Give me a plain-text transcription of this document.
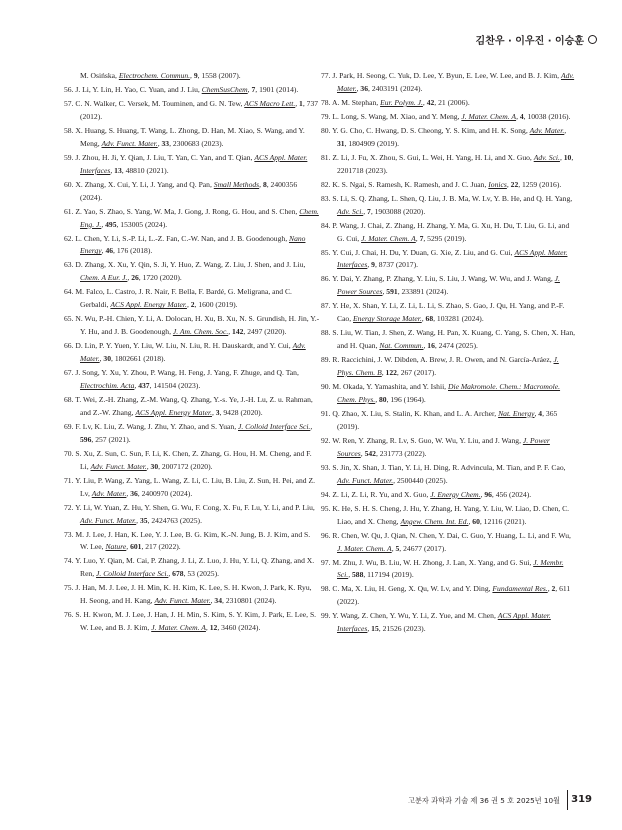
김찬우 · 이우진 · 이승훈
M. Osińska, Electrochem. Commun., 9, 1558 (2007).
56. J. Li, Y. Lin, H. Yao, C. Yuan, and J. Liu, ChemSusChem, 7, 1901 (2014).
57. C. N. Walker, C. Versek, M. Touminen, and G. N. Tew, ACS Macro Lett., 1, 737 (2012).
58. X. Huang, S. Huang, T. Wang, L. Zhong, D. Han, M. Xiao, S. Wang, and Y. Meng, Adv. Funct. Mater., 33, 2300683 (2023).
59. J. Zhou, H. Ji, Y. Qian, J. Liu, T. Yan, C. Yan, and T. Qian, ACS Appl. Mater. Interfaces, 13, 48810 (2021).
60. X. Zhang, X. Cui, Y. Li, J. Yang, and Q. Pan, Small Methods, 8, 2400356 (2024).
61. Z. Yao, S. Zhao, S. Yang, W. Ma, J. Gong, J. Rong, G. Hou, and S. Chen, Chem. Eng. J., 495, 153005 (2024).
62. L. Chen, Y. Li, S.-P. Li, L.-Z. Fan, C.-W. Nan, and J. B. Goodenough, Nano Energy, 46, 176 (2018).
63. D. Zhang, X. Xu, Y. Qin, S. Ji, Y. Huo, Z. Wang, Z. Liu, J. Shen, and J. Liu, Chem. A Eur. J., 26, 1720 (2020).
64. M. Falco, L. Castro, J. R. Nair, F. Bella, F. Bardé, G. Meligrana, and C. Gerbaldi, ACS Appl. Energy Mater., 2, 1600 (2019).
65. N. Wu, P.-H. Chien, Y. Li, A. Dolocan, H. Xu, B. Xu, N. S. Grundish, H. Jin, Y.-Y. Hu, and J. B. Goodenough, J. Am. Chem. Soc., 142, 2497 (2020).
66. D. Lin, P. Y. Yuen, Y. Liu, W. Liu, N. Liu, R. H. Dauskardt, and Y. Cui, Adv. Mater., 30, 1802661 (2018).
67. J. Song, Y. Xu, Y. Zhou, P. Wang, H. Feng, J. Yang, F. Zhuge, and Q. Tan, Electrochim. Acta, 437, 141504 (2023).
68. T. Wei, Z.-H. Zhang, Z.-M. Wang, Q. Zhang, Y.-s. Ye, J.-H. Lu, Z. u. Rahman, and Z.-W. Zhang, ACS Appl. Energy Mater., 3, 9428 (2020).
69. F. Lv, K. Liu, Z. Wang, J. Zhu, Y. Zhao, and S. Yuan, J. Colloid Interface Sci., 596, 257 (2021).
70. S. Xu, Z. Sun, C. Sun, F. Li, K. Chen, Z. Zhang, G. Hou, H. M. Cheng, and F. Li, Adv. Funct. Mater., 30, 2007172 (2020).
71. Y. Liu, P. Wang, Z. Yang, L. Wang, Z. Li, C. Liu, B. Liu, Z. Sun, H. Pei, and Z. Lv, Adv. Mater., 36, 2400970 (2024).
72. Y. Li, W. Yuan, Z. Hu, Y. Shen, G. Wu, F. Cong, X. Fu, F. Lu, Y. Li, and P. Liu, Adv. Funct. Mater., 35, 2424763 (2025).
73. M. J. Lee, J. Han, K. Lee, Y. J. Lee, B. G. Kim, K.-N. Jung, B. J. Kim, and S. W. Lee, Nature, 601, 217 (2022).
74. Y. Luo, Y. Qian, M. Cai, P. Zhang, J. Li, Z. Luo, J. Hu, Y. Li, Q. Zhang, and X. Ren, J. Colloid Interface Sci., 678, 53 (2025).
75. J. Han, M. J. Lee, J. H. Min, K. H. Kim, K. Lee, S. H. Kwon, J. Park, K. Ryu, H. Seong, and H. Kang, Adv. Funct. Mater., 34, 2310801 (2024).
76. S. H. Kwon, M. J. Lee, J. Han, J. H. Min, S. Kim, S. Y. Kim, J. Park, E. Lee, S. W. Lee, and B. J. Kim, J. Mater. Chem. A, 12, 3460 (2024).
77. J. Park, H. Seong, C. Yuk, D. Lee, Y. Byun, E. Lee, W. Lee, and B. J. Kim, Adv. Mater., 36, 2403191 (2024).
78. A. M. Stephan, Eur. Polym. J., 42, 21 (2006).
79. L. Long, S. Wang, M. Xiao, and Y. Meng, J. Mater. Chem. A, 4, 10038 (2016).
80. Y. G. Cho, C. Hwang, D. S. Cheong, Y. S. Kim, and H. K. Song, Adv. Mater., 31, 1804909 (2019).
81. Z. Li, J. Fu, X. Zhou, S. Gui, L. Wei, H. Yang, H. Li, and X. Guo, Adv. Sci., 10, 2201718 (2023).
82. K. S. Ngai, S. Ramesh, K. Ramesh, and J. C. Juan, Ionics, 22, 1259 (2016).
83. S. Li, S. Q. Zhang, L. Shen, Q. Liu, J. B. Ma, W. Lv, Y. B. He, and Q. H. Yang, Adv. Sci., 7, 1903088 (2020).
84. P. Wang, J. Chai, Z. Zhang, H. Zhang, Y. Ma, G. Xu, H. Du, T. Liu, G. Li, and G. Cui, J. Mater. Chem. A, 7, 5295 (2019).
85. Y. Cui, J. Chai, H. Du, Y. Duan, G. Xie, Z. Liu, and G. Cui, ACS Appl. Mater. Interfaces, 9, 8737 (2017).
86. Y. Dai, Y. Zhang, P. Zhang, Y. Liu, S. Liu, J. Wang, W. Wu, and J. Wang, J. Power Sources, 591, 233891 (2024).
87. Y. He, X. Shan, Y. Li, Z. Li, L. Li, S. Zhao, S. Gao, J. Qu, H. Yang, and P.-F. Cao, Energy Storage Mater., 68, 103281 (2024).
88. S. Liu, W. Tian, J. Shen, Z. Wang, H. Pan, X. Kuang, C. Yang, S. Chen, X. Han, and H. Quan, Nat. Commun., 16, 2474 (2025).
89. R. Raccichini, J. W. Dibden, A. Brew, J. R. Owen, and N. García-Aráez, J. Phys. Chem. B, 122, 267 (2017).
90. M. Okada, Y. Yamashita, and Y. Ishii, Die Makromole. Chem.: Macromole. Chem. Phys., 80, 196 (1964).
91. Q. Zhao, X. Liu, S. Stalin, K. Khan, and L. A. Archer, Nat. Energy, 4, 365 (2019).
92. W. Ren, Y. Zhang, R. Lv, S. Guo, W. Wu, Y. Liu, and J. Wang, J. Power Sources, 542, 231773 (2022).
93. S. Jin, X. Shan, J. Tian, Y. Li, H. Ding, R. Advincula, M. Tian, and P. F. Cao, Adv. Funct. Mater., 2500440 (2025).
94. Z. Li, Z. Li, R. Yu, and X. Guo, J. Energy Chem., 96, 456 (2024).
95. K. He, S. H. S. Cheng, J. Hu, Y. Zhang, H. Yang, Y. Liu, W. Liao, D. Chen, C. Liao, and X. Cheng, Angew. Chem. Int. Ed., 60, 12116 (2021).
96. R. Chen, W. Qu, J. Qian, N. Chen, Y. Dai, C. Guo, Y. Huang, L. Li, and F. Wu, J. Mater. Chem. A, 5, 24677 (2017).
97. M. Zhu, J. Wu, B. Liu, W. H. Zhong, J. Lan, X. Yang, and G. Sui, J. Membr. Sci., 588, 117194 (2019).
98. C. Ma, X. Liu, H. Geng, X. Qu, W. Lv, and Y. Ding, Fundamental Res., 2, 611 (2022).
99. Y. Wang, Z. Chen, Y. Wu, Y. Li, Z. Yue, and M. Chen, ACS Appl. Mater. Interfaces, 15, 21526 (2023).
고분자 과학과 기술 제 36 권 5 호 2025년 10월 319
